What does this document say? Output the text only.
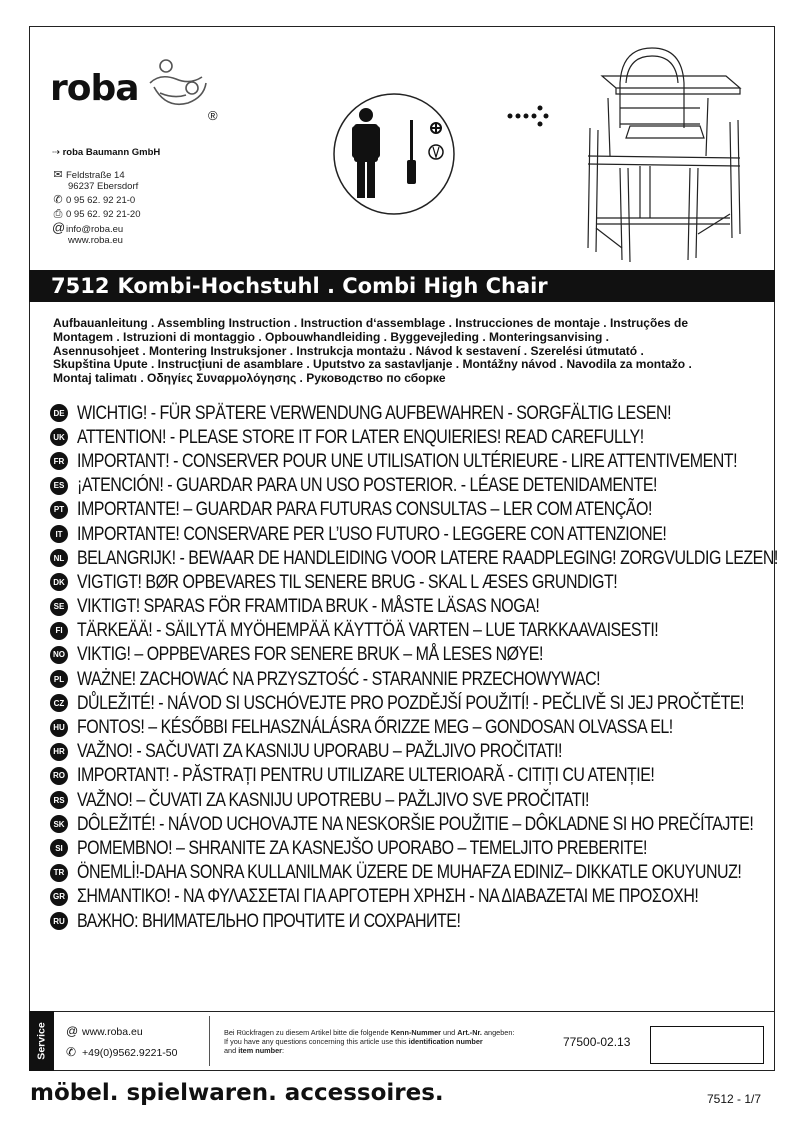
roba
®
⇢ roba Baumann GmbH
✉ Feldstraße 14
96237 Ebersdorf
✆ 0 95 62. 92 21-0
⎙ 0 95 62. 92 21-20
@info@roba.eu
www.roba.eu
7512 Kombi-Hochstuhl . Combi High Chair
Aufbauanleitung . Assembling Instruction . Instruction d‘assemblage . Instrucciones de montaje . Instruções de
Montagem . Istruzioni di montaggio . Opbouwhandleiding . Byggevejleding . Monteringsanvising .
Asennusohjeet . Montering Instruksjoner . Instrukcja montażu . Návod k sestavení . Szerelési útmutató .
Skupština Upute . Instrucţiuni de asamblare . Uputstvo za sastavljanje . Montážny návod . Navodila za montažo .
Montaj talimatı . Οδηγίες Συναρμολόγησης . Руководство по сборке
DE WICHTIG! - FÜR SPÄTERE VERWENDUNG AUFBEWAHREN - SORGFÄLTIG LESEN!
UK ATTENTION! - PLEASE STORE IT FOR LATER ENQUIERIES! READ CAREFULLY!
FR IMPORTANT! - CONSERVER POUR UNE UTILISATION ULTÉRIEURE - LIRE ATTENTIVEMENT!
ES ¡ATENCIÓN! - GUARDAR PARA UN USO POSTERIOR. - LÉASE DETENIDAMENTE!
PT IMPORTANTE! – GUARDAR PARA FUTURAS CONSULTAS – LER COM ATENÇÃO!
IT IMPORTANTE! CONSERVARE PER L’USO FUTURO - LEGGERE CON ATTENZIONE!
NL BELANGRIJK! - BEWAAR DE HANDLEIDING VOOR LATERE RAADPLEGING! ZORGVULDIG LEZEN!
DK VIGTIGT! BØR OPBEVARES TIL SENERE BRUG - SKAL L ÆSES GRUNDIGT!
SE VIKTIGT! SPARAS FÖR FRAMTIDA BRUK - MÅSTE LÄSAS NOGA!
FI TÄRKEÄÄ! - SÄILYTÄ MYÖHEMPÄÄ KÄYTTÖÄ VARTEN – LUE TARKKAAVAISESTI!
NO VIKTIG! – OPPBEVARES FOR SENERE BRUK – MÅ LESES NØYE!
PL WAŻNE! ZACHOWAĆ NA PRZYSZTOŚĆ - STARANNIE PRZECHOWYWAC!
CZ DŮLEŽITÉ! - NÁVOD SI USCHÓVEJTE PRO POZDĚJŠÍ POUŽITÍ! - PEČLIVĚ SI JEJ PROČTĚTE!
HU FONTOS! – KÉSŐBBI FELHASZNÁLÁSRA ŐRIZZE MEG – GONDOSAN OLVASSA EL!
HR VAŽNO! - SAČUVATI ZA KASNIJU UPORABU – PAŽLJIVO PROČITATI!
RO IMPORTANT! - PĂSTRAȚI PENTRU UTILIZARE ULTERIOARĂ - CITIȚI CU ATENȚIE!
RS VAŽNO! – ČUVATI ZA KASNIJU UPOTREBU – PAŽLJIVO SVE PROČITATI!
SK DÔLEŽITÉ! - NÁVOD UCHOVAJTE NA NESKORŠIE POUŽITIE – DÔKLADNE SI HO PREČÍTAJTE!
SI POMEMBNO! – SHRANITE ZA KASNEJŠO UPORABO – TEMELJITO PREBERITE!
TR ÖNEMLİ!-DAHA SONRA KULLANILMAK ÜZERE DE MUHAFZA EDINIZ– DIKKATLE OKUYUNUZ!
GR ΣΗΜΑΝΤΙΚΟ! - ΝΑ ΦΥΛΑΣΣΕΤΑΙ ΓΙΑ ΑΡΓΟΤΕΡΗ ΧΡΗΣΗ - ΝΑ ΔΙΑΒΑΖΕΤΑΙ ΜΕ ΠΡΟΣΟΧΗ!
RU ВАЖНО: ВНИМАТЕЛЬНО ПРОЧТИТЕ И СОХРАНИТЕ!
Service @ www.roba.eu
✆ +49(0)9562.9221-50
Bei Rückfragen zu diesem Artikel bitte die folgende Kenn-Nummer und Art.-Nr. angeben:
If you have any questions concerning this article use this identification number
and item number:
77500-02.13
möbel. spielwaren. accessoires.	7512 - 1/7
